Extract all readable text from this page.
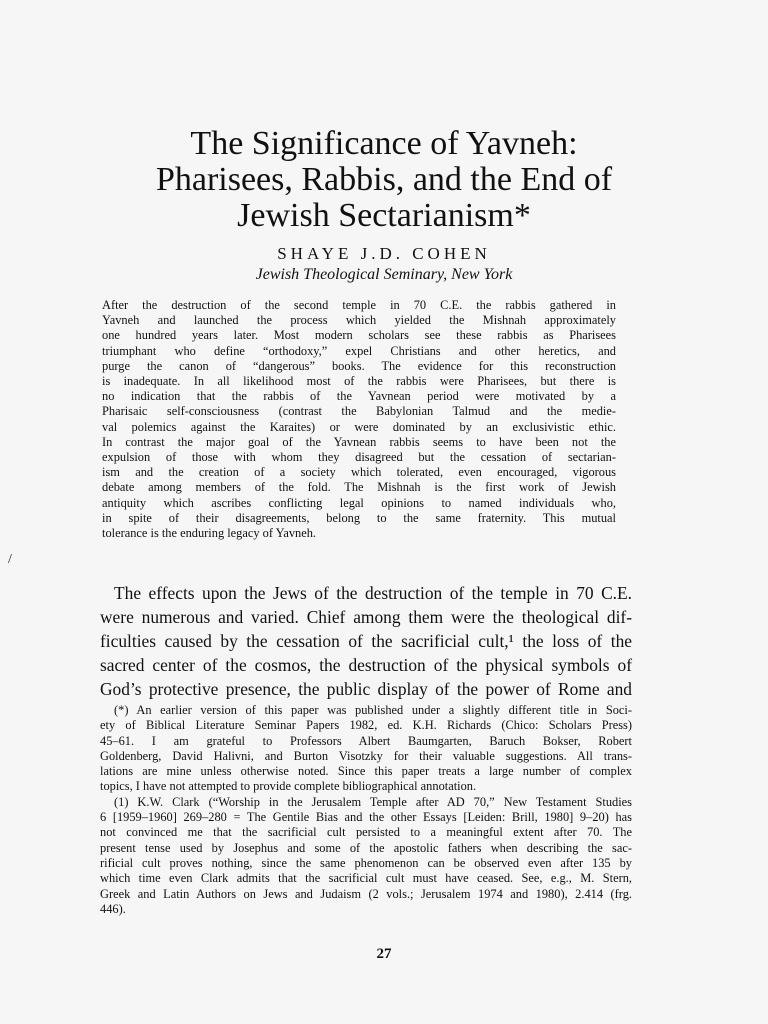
The Significance of Yavneh:
Pharisees, Rabbis, and the End of
Jewish Sectarianism*
SHAYE J.D. COHEN
Jewish Theological Seminary, New York
After the destruction of the second temple in 70 C.E. the rabbis gathered in
Yavneh and launched the process which yielded the Mishnah approximately
one hundred years later. Most modern scholars see these rabbis as Pharisees
triumphant who define “orthodoxy,” expel Christians and other heretics, and
purge the canon of “dangerous” books. The evidence for this reconstruction
is inadequate. In all likelihood most of the rabbis were Pharisees, but there is
no indication that the rabbis of the Yavnean period were motivated by a
Pharisaic self-consciousness (contrast the Babylonian Talmud and the medie-
val polemics against the Karaites) or were dominated by an exclusivistic ethic.
In contrast the major goal of the Yavnean rabbis seems to have been not the
expulsion of those with whom they disagreed but the cessation of sectarian-
ism and the creation of a society which tolerated, even encouraged, vigorous
debate among members of the fold. The Mishnah is the first work of Jewish
antiquity which ascribes conflicting legal opinions to named individuals who,
in spite of their disagreements, belong to the same fraternity. This mutual
tolerance is the enduring legacy of Yavneh.
/
The effects upon the Jews of the destruction of the temple in 70 C.E.
were numerous and varied. Chief among them were the theological dif-
ficulties caused by the cessation of the sacrificial cult,¹ the loss of the
sacred center of the cosmos, the destruction of the physical symbols of
God’s protective presence, the public display of the power of Rome and
(*) An earlier version of this paper was published under a slightly different title in Soci-
ety of Biblical Literature Seminar Papers 1982, ed. K.H. Richards (Chico: Scholars Press)
45–61. I am grateful to Professors Albert Baumgarten, Baruch Bokser, Robert
Goldenberg, David Halivni, and Burton Visotzky for their valuable suggestions. All trans-
lations are mine unless otherwise noted. Since this paper treats a large number of complex
topics, I have not attempted to provide complete bibliographical annotation.
(1) K.W. Clark (“Worship in the Jerusalem Temple after AD 70,” New Testament Studies
6 [1959–1960] 269–280 = The Gentile Bias and the other Essays [Leiden: Brill, 1980] 9–20) has
not convinced me that the sacrificial cult persisted to a meaningful extent after 70. The
present tense used by Josephus and some of the apostolic fathers when describing the sac-
rificial cult proves nothing, since the same phenomenon can be observed even after 135 by
which time even Clark admits that the sacrificial cult must have ceased. See, e.g., M. Stern,
Greek and Latin Authors on Jews and Judaism (2 vols.; Jerusalem 1974 and 1980), 2.414 (frg.
446).
27
